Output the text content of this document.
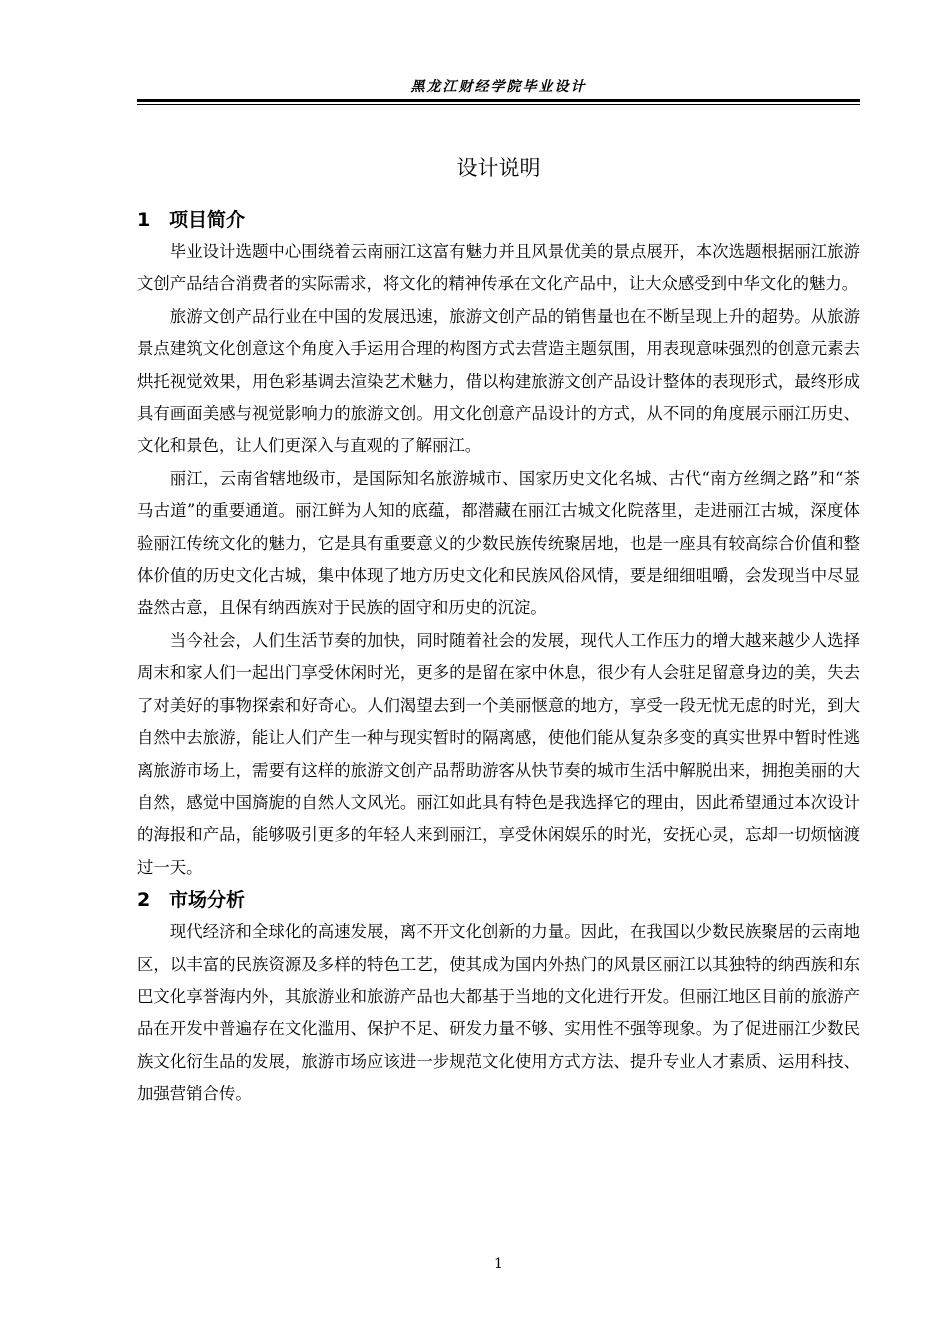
黑龙江财经学院毕业设计
设计说明
1 项目简介

毕业设计选题中心围绕着云南丽江这富有魅力并且风景优美的景点展开，本次选题根据丽江旅游文创产品结合消费者的实际需求，将文化的精神传承在文化产品中，让大众感受到中华文化的魅力。

旅游文创产品行业在中国的发展迅速，旅游文创产品的销售量也在不断呈现上升的超势。从旅游景点建筑文化创意这个角度入手运用合理的构图方式去营造主题氛围，用表现意味强烈的创意元素去烘托视觉效果，用色彩基调去渲染艺术魅力，借以构建旅游文创产品设计整体的表现形式，最终形成具有画面美感与视觉影响力的旅游文创。用文化创意产品设计的方式，从不同的角度展示丽江历史、文化和景色，让人们更深入与直观的了解丽江。

丽江，云南省辖地级市，是国际知名旅游城市、国家历史文化名城、古代“南方丝绸之路”和“茶马古道”的重要通道。丽江鲜为人知的底蕴，都潜藏在丽江古城文化院落里，走进丽江古城，深度体验丽江传统文化的魅力，它是具有重要意义的少数民族传统聚居地，也是一座具有较高综合价值和整体价值的历史文化古城，集中体现了地方历史文化和民族风俗风情，要是细细咀嚼，会发现当中尽显盎然古意，且保有纳西族对于民族的固守和历史的沉淀。

当今社会，人们生活节奏的加快，同时随着社会的发展，现代人工作压力的增大越来越少人选择周末和家人们一起出门享受休闲时光，更多的是留在家中休息，很少有人会驻足留意身边的美，失去了对美好的事物探索和好奇心。人们渴望去到一个美丽惬意的地方，享受一段无忧无虑的时光，到大自然中去旅游，能让人们产生一种与现实暂时的隔离感，使他们能从复杂多变的真实世界中暂时性逃离旅游市场上，需要有这样的旅游文创产品帮助游客从快节奏的城市生活中解脱出来，拥抱美丽的大自然，感觉中国旖旎的自然人文风光。丽江如此具有特色是我选择它的理由，因此希望通过本次设计的海报和产品，能够吸引更多的年轻人来到丽江，享受休闲娱乐的时光，安抚心灵，忘却一切烦恼渡过一天。

2 市场分析

现代经济和全球化的高速发展，离不开文化创新的力量。因此，在我国以少数民族聚居的云南地区，以丰富的民族资源及多样的特色工艺，使其成为国内外热门的风景区丽江以其独特的纳西族和东巴文化享誉海内外，其旅游业和旅游产品也大都基于当地的文化进行开发。但丽江地区目前的旅游产品在开发中普遍存在文化滥用、保护不足、研发力量不够、实用性不强等现象。为了促进丽江少数民族文化衍生品的发展，旅游市场应该进一步规范文化使用方式方法、提升专业人才素质、运用科技、加强营销合传。

1
